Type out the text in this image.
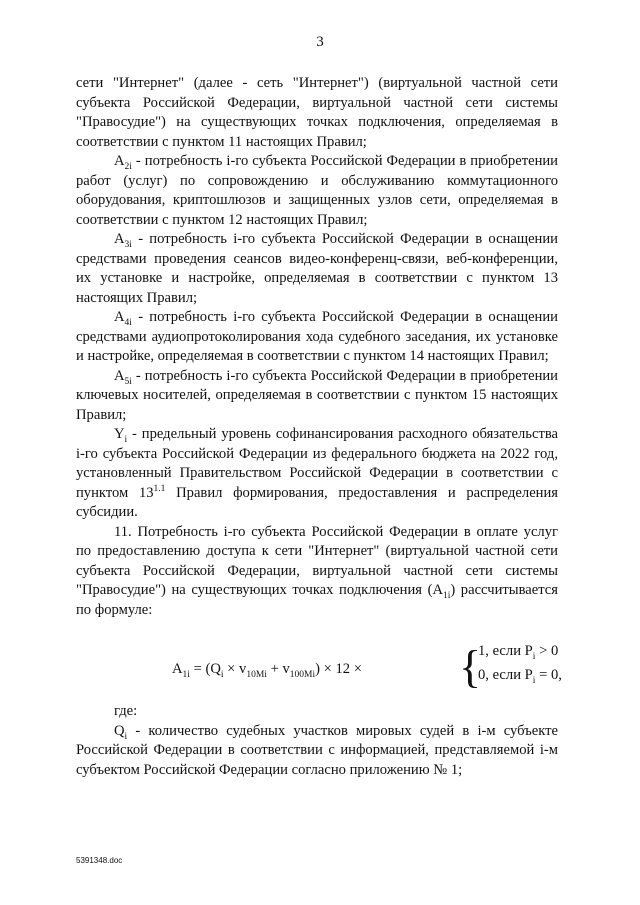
3

сети "Интернет" (далее - сеть "Интернет") (виртуальной частной сети субъекта Российской Федерации, виртуальной частной сети системы "Правосудие") на существующих точках подключения, определяемая в соответствии с пунктом 11 настоящих Правил;

$A_{2i}$ - потребность i-го субъекта Российской Федерации в приобретении работ (услуг) по сопровождению и обслуживанию коммутационного оборудования, криптошлюзов и защищенных узлов сети, определяемая в соответствии с пунктом 12 настоящих Правил;

$A_{3i}$ - потребность i-го субъекта Российской Федерации в оснащении средствами проведения сеансов видео-конференц-связи, веб-конференции, их установке и настройке, определяемая в соответствии с пунктом 13 настоящих Правил;

$A_{4i}$ - потребность i-го субъекта Российской Федерации в оснащении средствами аудиопротоколирования хода судебного заседания, их установке и настройке, определяемая в соответствии с пунктом 14 настоящих Правил;

$A_{5i}$ - потребность i-го субъекта Российской Федерации в приобретении ключевых носителей, определяемая в соответствии с пунктом 15 настоящих Правил;

$Y_i$ - предельный уровень софинансирования расходного обязательства i-го субъекта Российской Федерации из федерального бюджета на 2022 год, установленный Правительством Российской Федерации в соответствии с пунктом $13^{1.1}$ Правил формирования, предоставления и распределения субсидии.

11. Потребность i-го субъекта Российской Федерации в оплате услуг по предоставлению доступа к сети "Интернет" (виртуальной частной сети субъекта Российской Федерации, виртуальной частной сети системы "Правосудие") на существующих точках подключения $(A_{1i})$ рассчитывается по формуле:

$A_{1i} = (Q_i \times v_{10Mi} + v_{100Mi}) \times 12$ × {
1, если $P_i > 0$
0, если $P_i = 0$,

где:

$Q_i$ - количество судебных участков мировых судей в i-м субъекте Российской Федерации в соответствии с информацией, представляемой i-м субъектом Российской Федерации согласно приложению № 1;

5391348.doc
